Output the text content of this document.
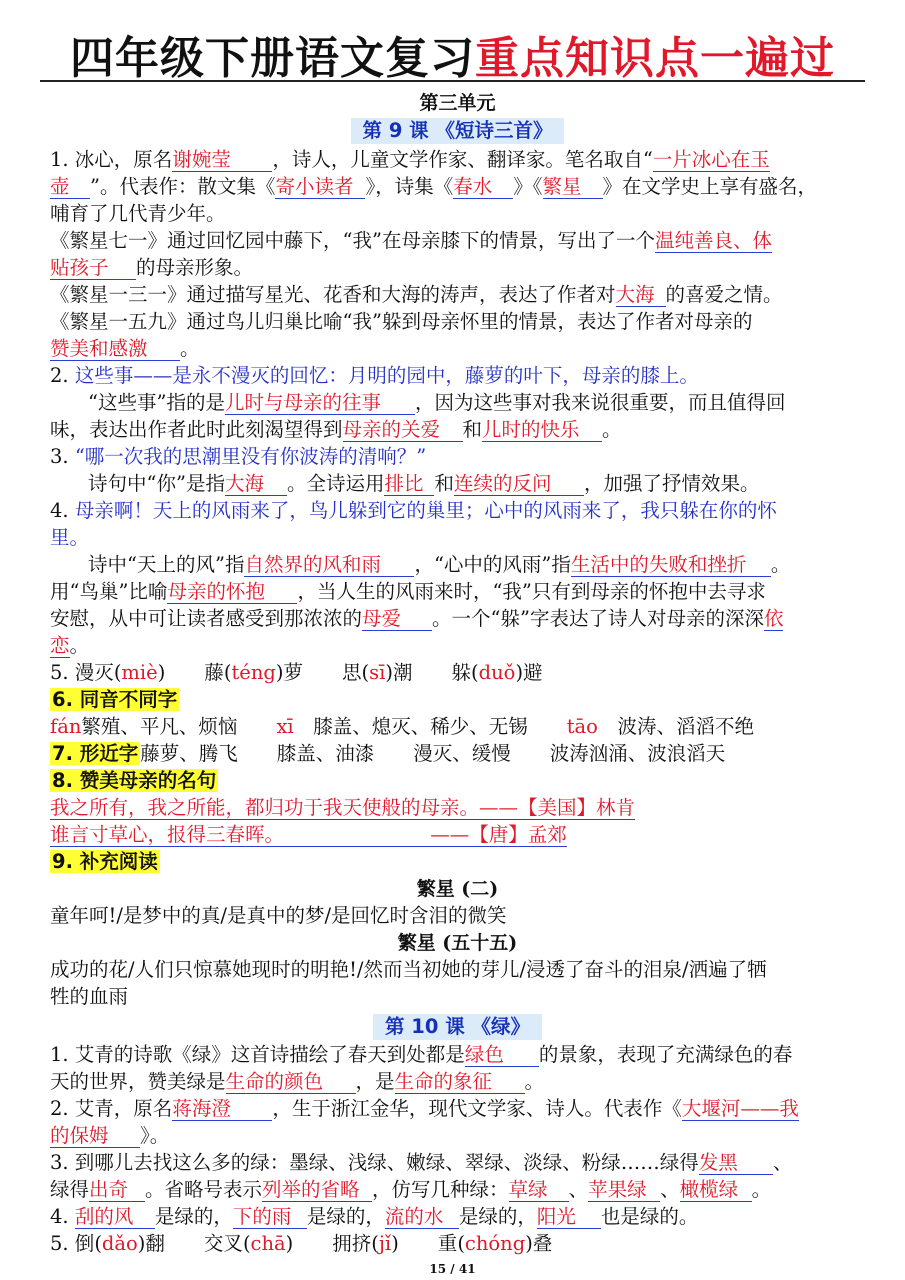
四年级下册语文复习重点知识点一遍过
第三单元
第 9 课 《短诗三首》
1. 冰心，原名谢婉莹 ，诗人，儿童文学作家、翻译家。笔名取自“一片冰心在玉
壶 ”。代表作：散文集《寄小读者 》，诗集《春水 》《繁星 》在文学史上享有盛名，
哺育了几代青少年。
《繁星七一》通过回忆园中藤下，“我”在母亲膝下的情景，写出了一个温纯善良、体
贴孩子 的母亲形象。
《繁星一三一》通过描写星光、花香和大海的涛声，表达了作者对大海 的喜爱之情。
《繁星一五九》通过鸟儿归巢比喻“我”躲到母亲怀里的情景，表达了作者对母亲的
赞美和感激 。
2. 这些事——是永不漫灭的回忆：月明的园中，藤萝的叶下，母亲的膝上。
“这些事”指的是儿时与母亲的往事 ，因为这些事对我来说很重要，而且值得回
味，表达出作者此时此刻渴望得到母亲的关爱 和儿时的快乐 。
3. “哪一次我的思潮里没有你波涛的清响？”
诗句中“你”是指大海 。全诗运用排比 和连续的反问 ，加强了抒情效果。
4. 母亲啊！天上的风雨来了，鸟儿躲到它的巢里；心中的风雨来了，我只躲在你的怀
里。
诗中“天上的风”指自然界的风和雨 ，“心中的风雨”指生活中的失败和挫折 。
用“鸟巢”比喻母亲的怀抱 ，当人生的风雨来时，“我”只有到母亲的怀抱中去寻求
安慰，从中可让读者感受到那浓浓的母爱 。一个“躲”字表达了诗人对母亲的深深依
恋。
5. 漫灭(miè)　　藤(téng)萝　　 思(sī)潮　　 躲(duǒ)避
6. 同音不同字
fán繁殖、平凡、烦恼　　 xī　 膝盖、熄灭、稀少、无锡　　 tāo　 波涛、滔滔不绝
7. 形近字 藤萝、腾飞　　膝盖、油漆　　漫灭、缓慢　　波涛汹涌、波浪滔天
8. 赞美母亲的名句
我之所有，我之所能，都归功于我天使般的母亲。——【美国】林肯
谁言寸草心，报得三春晖。　　　　　　　　——【唐】孟郊
9. 补充阅读
繁星 (二)
童年呵!/是梦中的真/是真中的梦/是回忆时含泪的微笑
繁星 (五十五)
成功的花/人们只惊慕她现时的明艳!/然而当初她的芽儿/浸透了奋斗的泪泉/洒遍了牺
牲的血雨
第 10 课 《绿》
1. 艾青的诗歌《绿》这首诗描绘了春天到处都是绿色 的景象，表现了充满绿色的春
天的世界，赞美绿是生命的颜色 ，是生命的象征 。
2. 艾青，原名蒋海澄 ，生于浙江金华，现代文学家、诗人。代表作《大堰河——我
的保姆 》。
3. 到哪儿去找这么多的绿：墨绿、浅绿、嫩绿、翠绿、淡绿、粉绿……绿得发黑 、
绿得出奇 。省略号表示列举的省略 ，仿写几种绿：草绿 、苹果绿 、橄榄绿 。
4. 刮的风 是绿的，下的雨 是绿的，流的水 是绿的，阳光 也是绿的。
5. 倒(dǎo)翻　　 交叉(chā)　　拥挤(jǐ)　　重(chóng)叠
15 / 41
